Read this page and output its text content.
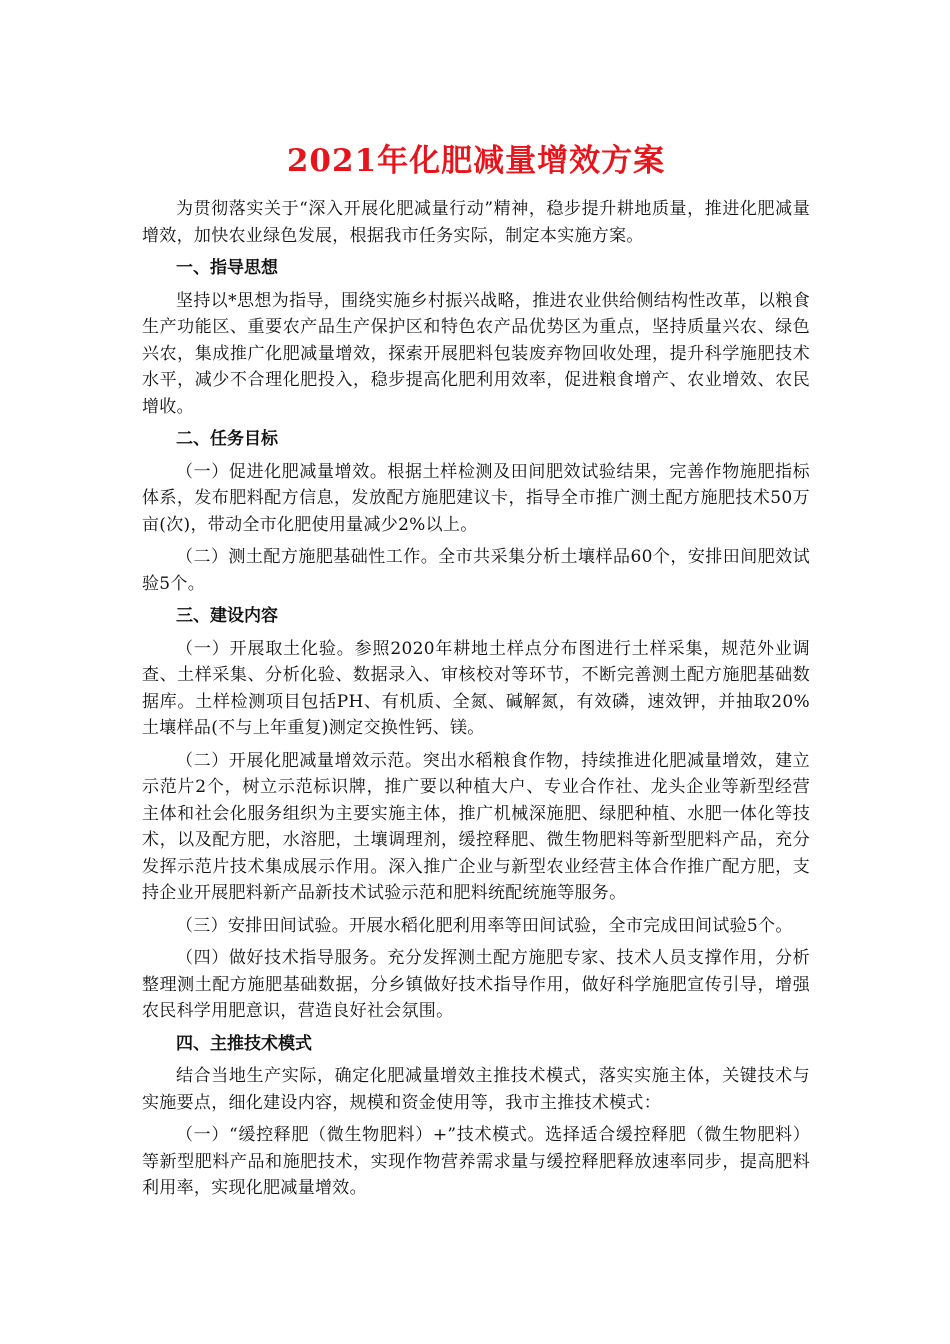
2021年化肥减量增效方案

为贯彻落实关于“深入开展化肥减量行动”精神，稳步提升耕地质量，推进化肥减量增效，加快农业绿色发展，根据我市任务实际，制定本实施方案。

一、指导思想

坚持以*思想为指导，围绕实施乡村振兴战略，推进农业供给侧结构性改革，以粮食生产功能区、重要农产品生产保护区和特色农产品优势区为重点，坚持质量兴农、绿色兴农，集成推广化肥减量增效，探索开展肥料包装废弃物回收处理，提升科学施肥技术水平，减少不合理化肥投入，稳步提高化肥利用效率，促进粮食增产、农业增效、农民增收。

二、任务目标

（一）促进化肥减量增效。根据土样检测及田间肥效试验结果，完善作物施肥指标体系，发布肥料配方信息，发放配方施肥建议卡，指导全市推广测土配方施肥技术50万亩(次)，带动全市化肥使用量减少2%以上。

（二）测土配方施肥基础性工作。全市共采集分析土壤样品60个，安排田间肥效试验5个。

三、建设内容

（一）开展取土化验。参照2020年耕地土样点分布图进行土样采集，规范外业调查、土样采集、分析化验、数据录入、审核校对等环节，不断完善测土配方施肥基础数据库。土样检测项目包括PH、有机质、全氮、碱解氮，有效磷，速效钾，并抽取20%土壤样品(不与上年重复)测定交换性钙、镁。

（二）开展化肥减量增效示范。突出水稻粮食作物，持续推进化肥减量增效，建立示范片2个，树立示范标识牌，推广要以种植大户、专业合作社、龙头企业等新型经营主体和社会化服务组织为主要实施主体，推广机械深施肥、绿肥种植、水肥一体化等技术，以及配方肥，水溶肥，土壤调理剂，缓控释肥、微生物肥料等新型肥料产品，充分发挥示范片技术集成展示作用。深入推广企业与新型农业经营主体合作推广配方肥，支持企业开展肥料新产品新技术试验示范和肥料统配统施等服务。

（三）安排田间试验。开展水稻化肥利用率等田间试验，全市完成田间试验5个。

（四）做好技术指导服务。充分发挥测土配方施肥专家、技术人员支撑作用，分析整理测土配方施肥基础数据，分乡镇做好技术指导作用，做好科学施肥宣传引导，增强农民科学用肥意识，营造良好社会氛围。

四、主推技术模式

结合当地生产实际，确定化肥减量增效主推技术模式，落实实施主体，关键技术与实施要点，细化建设内容，规模和资金使用等，我市主推技术模式：

（一）“缓控释肥（微生物肥料）+”技术模式。选择适合缓控释肥（微生物肥料）等新型肥料产品和施肥技术，实现作物营养需求量与缓控释肥释放速率同步，提高肥料利用率，实现化肥减量增效。
